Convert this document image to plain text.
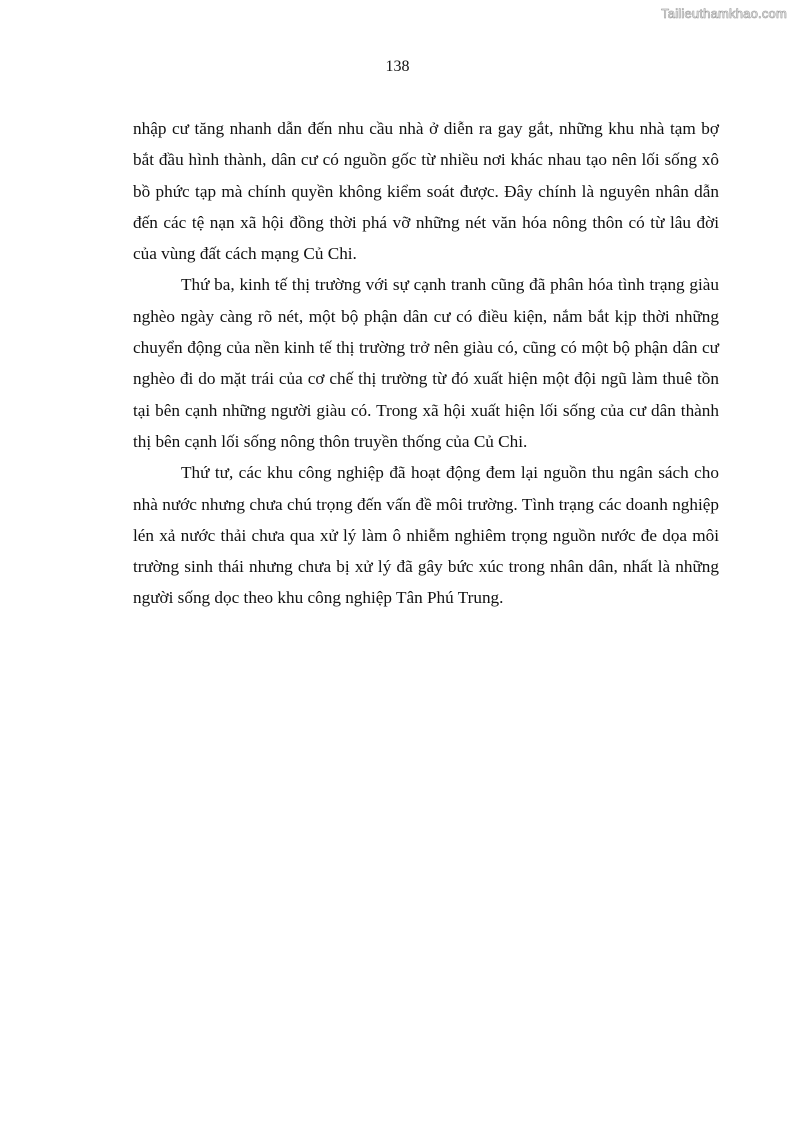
Tailieuthamkhao.com
138

nhập cư tăng nhanh dẫn đến nhu cầu nhà ở diễn ra gay gắt, những khu nhà tạm bợ bắt đầu hình thành, dân cư có nguồn gốc từ nhiều nơi khác nhau tạo nên lối sống xô bồ phức tạp mà chính quyền không kiểm soát được. Đây chính là nguyên nhân dẫn đến các tệ nạn xã hội đồng thời phá vỡ những nét văn hóa nông thôn có từ lâu đời của vùng đất cách mạng Củ Chi.

Thứ ba, kinh tế thị trường với sự cạnh tranh cũng đã phân hóa tình trạng giàu nghèo ngày càng rõ nét, một bộ phận dân cư có điều kiện, nắm bắt kịp thời những chuyển động của nền kinh tế thị trường trở nên giàu có, cũng có một bộ phận dân cư nghèo đi do mặt trái của cơ chế thị trường từ đó xuất hiện một đội ngũ làm thuê tồn tại bên cạnh những người giàu có. Trong xã hội xuất hiện lối sống của cư dân thành thị bên cạnh lối sống nông thôn truyền thống của Củ Chi.

Thứ tư, các khu công nghiệp đã hoạt động đem lại nguồn thu ngân sách cho nhà nước nhưng chưa chú trọng đến vấn đề môi trường. Tình trạng các doanh nghiệp lén xả nước thải chưa qua xử lý làm ô nhiễm nghiêm trọng nguồn nước đe dọa môi trường sinh thái nhưng chưa bị xử lý đã gây bức xúc trong nhân dân, nhất là những người sống dọc theo khu công nghiệp Tân Phú Trung.
